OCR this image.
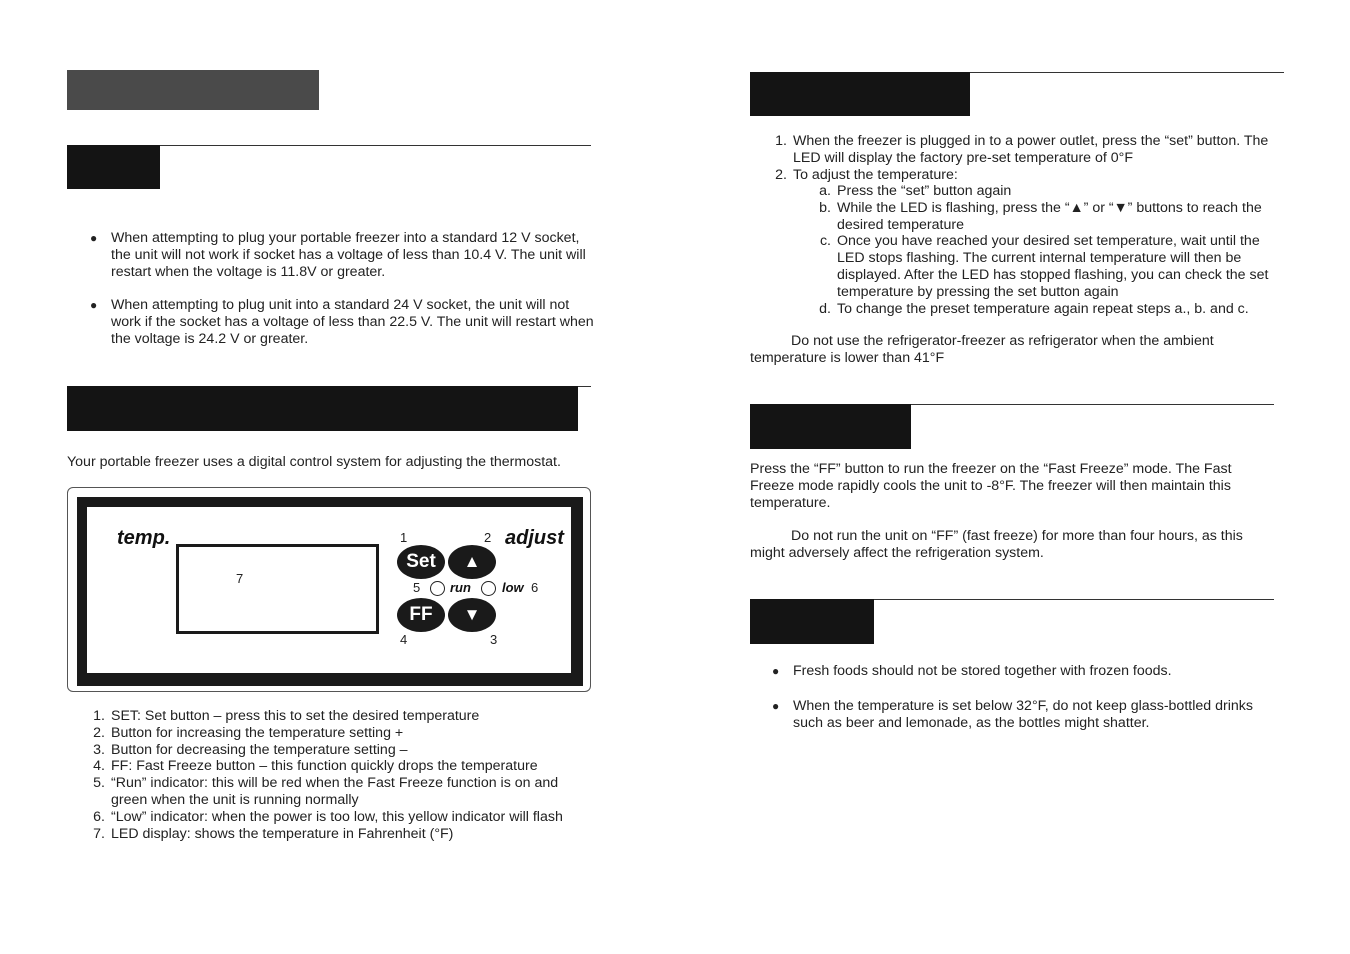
● When attempting to plug your portable freezer into a standard 12 V socket, the unit will not work if socket has a voltage of less than 10.4 V. The unit will restart when the voltage is 11.8V or greater.
● When attempting to plug unit into a standard 24 V socket, the unit will not work if the socket has a voltage of less than 22.5 V. The unit will restart when the voltage is 24.2 V or greater.
Your portable freezer uses a digital control system for adjusting the thermostat.
temp.
7
1	2 adjust
Set	▲
5 run low 6
FF	▼
4	3
1. SET: Set button – press this to set the desired temperature
2. Button for increasing the temperature setting +
3. Button for decreasing the temperature setting –
4. FF: Fast Freeze button – this function quickly drops the temperature
5. “Run” indicator: this will be red when the Fast Freeze function is on and green when the unit is running normally
6. “Low” indicator: when the power is too low, this yellow indicator will flash
7. LED display: shows the temperature in Fahrenheit (°F)
1. When the freezer is plugged in to a power outlet, press the “set” button. The LED will display the factory pre-set temperature of 0°F
2. To adjust the temperature:
a. Press the “set” button again
b. While the LED is flashing, press the “▲” or “▼” buttons to reach the desired temperature
c. Once you have reached your desired set temperature, wait until the LED stops flashing. The current internal temperature will then be displayed. After the LED has stopped flashing, you can check the set temperature by pressing the set button again
d. To change the preset temperature again repeat steps a., b. and c.
Do not use the refrigerator-freezer as refrigerator when the ambient temperature is lower than 41°F
Press the “FF” button to run the freezer on the “Fast Freeze” mode. The Fast Freeze mode rapidly cools the unit to -8°F. The freezer will then maintain this temperature.
Do not run the unit on “FF” (fast freeze) for more than four hours, as this might adversely affect the refrigeration system.
● Fresh foods should not be stored together with frozen foods.
● When the temperature is set below 32°F, do not keep glass-bottled drinks such as beer and lemonade, as the bottles might shatter.
